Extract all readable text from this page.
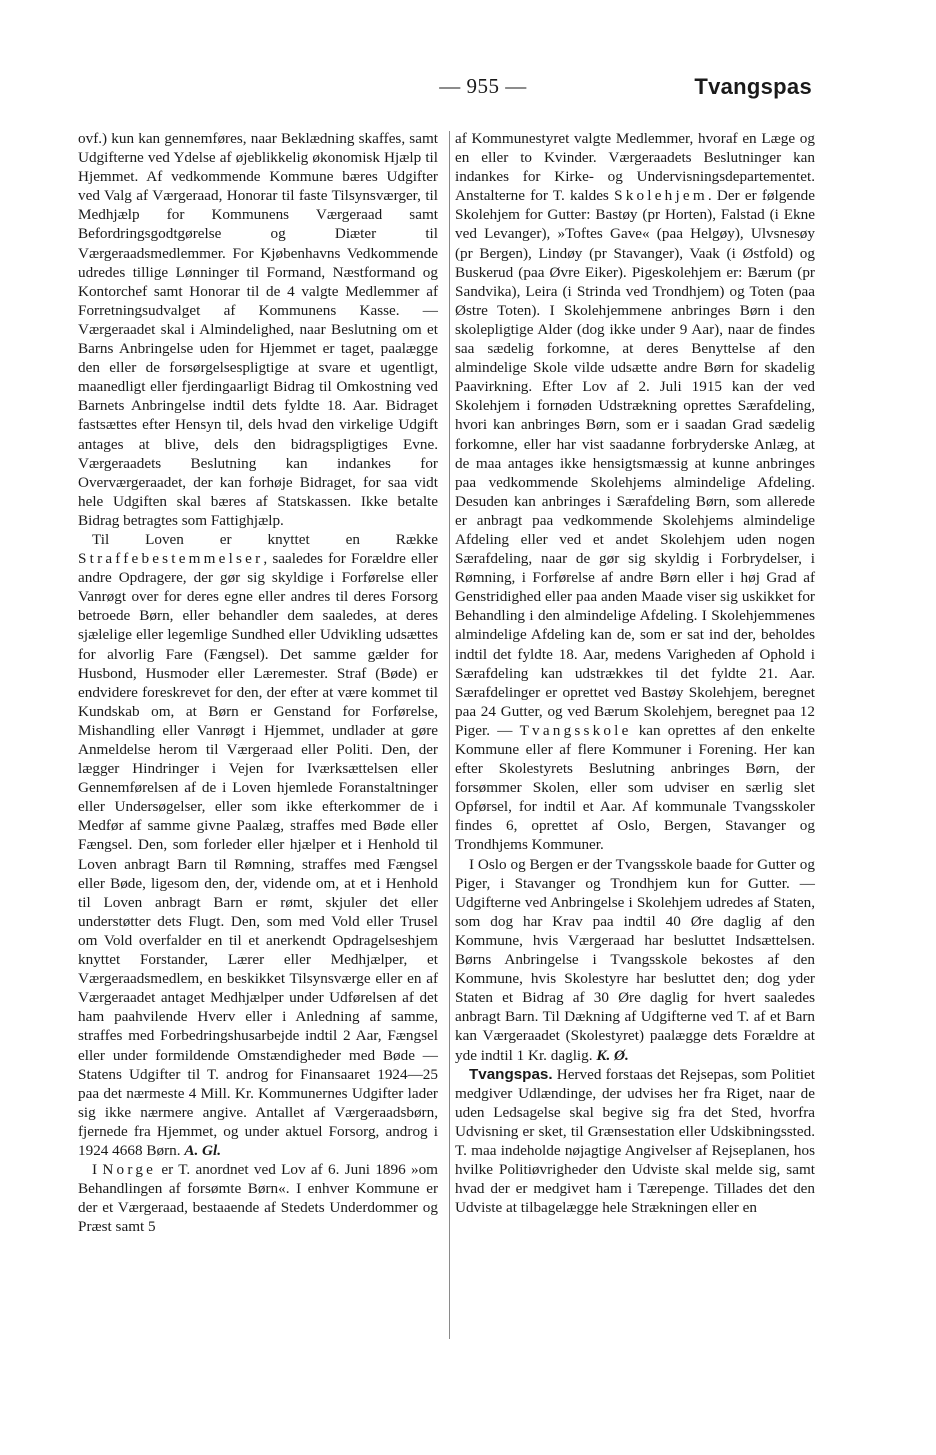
— 955 —	Tvangspas

ovf.) kun kan gennemføres, naar Beklædning skaffes, samt Udgifterne ved Ydelse af øjeblikkelig økonomisk Hjælp til Hjemmet. Af vedkommende Kommune bæres Udgifter ved Valg af Værgeraad, Honorar til faste Tilsynsværger, til Medhjælp for Kommunens Værgeraad samt Befordringsgodtgørelse og Diæter til Værgeraadsmedlemmer. For Kjøbenhavns Vedkommende udredes tillige Lønninger til Formand, Næstformand og Kontorchef samt Honorar til de 4 valgte Medlemmer af Forretningsudvalget af Kommunens Kasse. — Værgeraadet skal i Almindelighed, naar Beslutning om et Barns Anbringelse uden for Hjemmet er taget, paalægge den eller de forsørgelsespligtige at svare et ugentligt, maanedligt eller fjerdingaarligt Bidrag til Omkostning ved Barnets Anbringelse indtil dets fyldte 18. Aar. Bidraget fastsættes efter Hensyn til, dels hvad den virkelige Udgift antages at blive, dels den bidragspligtiges Evne. Værgeraadets Beslutning kan indankes for Overværgeraadet, der kan forhøje Bidraget, for saa vidt hele Udgiften skal bæres af Statskassen. Ikke betalte Bidrag betragtes som Fattighjælp.

Til Loven er knyttet en Række Straffebestemmelser, saaledes for Forældre eller andre Opdragere, der gør sig skyldige i Forførelse eller Vanrøgt over for deres egne eller andres til deres Forsorg betroede Børn, eller behandler dem saaledes, at deres sjælelige eller legemlige Sundhed eller Udvikling udsættes for alvorlig Fare (Fængsel). Det samme gælder for Husbond, Husmoder eller Læremester. Straf (Bøde) er endvidere foreskrevet for den, der efter at være kommet til Kundskab om, at Børn er Genstand for Forførelse, Mishandling eller Vanrøgt i Hjemmet, undlader at gøre Anmeldelse herom til Værgeraad eller Politi. Den, der lægger Hindringer i Vejen for Iværksættelsen eller Gennemførelsen af de i Loven hjemlede Foranstaltninger eller Undersøgelser, eller som ikke efterkommer de i Medfør af samme givne Paalæg, straffes med Bøde eller Fængsel. Den, som forleder eller hjælper et i Henhold til Loven anbragt Barn til Rømning, straffes med Fængsel eller Bøde, ligesom den, der, vidende om, at et i Henhold til Loven anbragt Barn er rømt, skjuler det eller understøtter dets Flugt. Den, som med Vold eller Trusel om Vold overfalder en til et anerkendt Opdragelseshjem knyttet Forstander, Lærer eller Medhjælper, et Værgeraadsmedlem, en beskikket Tilsynsværge eller en af Værgeraadet antaget Medhjælper under Udførelsen af det ham paahvilende Hverv eller i Anledning af samme, straffes med Forbedringshusarbejde indtil 2 Aar, Fængsel eller under formildende Omstændigheder med Bøde — Statens Udgifter til T. androg for Finansaaret 1924—25 paa det nærmeste 4 Mill. Kr. Kommunernes Udgifter lader sig ikke nærmere angive. Antallet af Værgeraadsbørn, fjernede fra Hjemmet, og under aktuel Forsorg, androg i 1924 4668 Børn. A. Gl.

I Norge er T. anordnet ved Lov af 6. Juni 1896 »om Behandlingen af forsømte Børn«. I enhver Kommune er der et Værgeraad, bestaaende af Stedets Underdommer og Præst samt 5

af Kommunestyret valgte Medlemmer, hvoraf en Læge og en eller to Kvinder. Værgeraadets Beslutninger kan indankes for Kirke- og Undervisningsdepartementet. Anstalterne for T. kaldes Skolehjem. Der er følgende Skolehjem for Gutter: Bastøy (pr Horten), Falstad (i Ekne ved Levanger), »Toftes Gave« (paa Helgøy), Ulvsnesøy (pr Bergen), Lindøy (pr Stavanger), Vaak (i Østfold) og Buskerud (paa Øvre Eiker). Pigeskolehjem er: Bærum (pr Sandvika), Leira (i Strinda ved Trondhjem) og Toten (paa Østre Toten). I Skolehjemmene anbringes Børn i den skolepligtige Alder (dog ikke under 9 Aar), naar de findes saa sædelig forkomne, at deres Benyttelse af den almindelige Skole vilde udsætte andre Børn for skadelig Paavirkning. Efter Lov af 2. Juli 1915 kan der ved Skolehjem i fornøden Udstrækning oprettes Særafdeling, hvori kan anbringes Børn, som er i saadan Grad sædelig forkomne, eller har vist saadanne forbryderske Anlæg, at de maa antages ikke hensigtsmæssig at kunne anbringes paa vedkommende Skolehjems almindelige Afdeling. Desuden kan anbringes i Særafdeling Børn, som allerede er anbragt paa vedkommende Skolehjems almindelige Afdeling eller ved et andet Skolehjem uden nogen Særafdeling, naar de gør sig skyldig i Forbrydelser, i Rømning, i Forførelse af andre Børn eller i høj Grad af Genstridighed eller paa anden Maade viser sig uskikket for Behandling i den almindelige Afdeling. I Skolehjemmenes almindelige Afdeling kan de, som er sat ind der, beholdes indtil det fyldte 18. Aar, medens Varigheden af Ophold i Særafdeling kan udstrækkes til det fyldte 21. Aar. Særafdelinger er oprettet ved Bastøy Skolehjem, beregnet paa 24 Gutter, og ved Bærum Skolehjem, beregnet paa 12 Piger. — Tvangsskole kan oprettes af den enkelte Kommune eller af flere Kommuner i Forening. Her kan efter Skolestyrets Beslutning anbringes Børn, der forsømmer Skolen, eller som udviser en særlig slet Opførsel, for indtil et Aar. Af kommunale Tvangsskoler findes 6, oprettet af Oslo, Bergen, Stavanger og Trondhjems Kommuner.

I Oslo og Bergen er der Tvangsskole baade for Gutter og Piger, i Stavanger og Trondhjem kun for Gutter. — Udgifterne ved Anbringelse i Skolehjem udredes af Staten, som dog har Krav paa indtil 40 Øre daglig af den Kommune, hvis Værgeraad har besluttet Indsættelsen. Børns Anbringelse i Tvangsskole bekostes af den Kommune, hvis Skolestyre har besluttet den; dog yder Staten et Bidrag af 30 Øre daglig for hvert saaledes anbragt Barn. Til Dækning af Udgifterne ved T. af et Barn kan Værgeraadet (Skolestyret) paalægge dets Forældre at yde indtil 1 Kr. daglig. K. Ø.

Tvangspas. Herved forstaas det Rejsepas, som Politiet medgiver Udlændinge, der udvises her fra Riget, naar de uden Ledsagelse skal begive sig fra det Sted, hvorfra Udvisning er sket, til Grænsestation eller Udskibningssted. T. maa indeholde nøjagtige Angivelser af Rejseplanen, hos hvilke Politiøvrigheder den Udviste skal melde sig, samt hvad der er medgivet ham i Tærepenge. Tillades det den Udviste at tilbagelægge hele Strækningen eller en
